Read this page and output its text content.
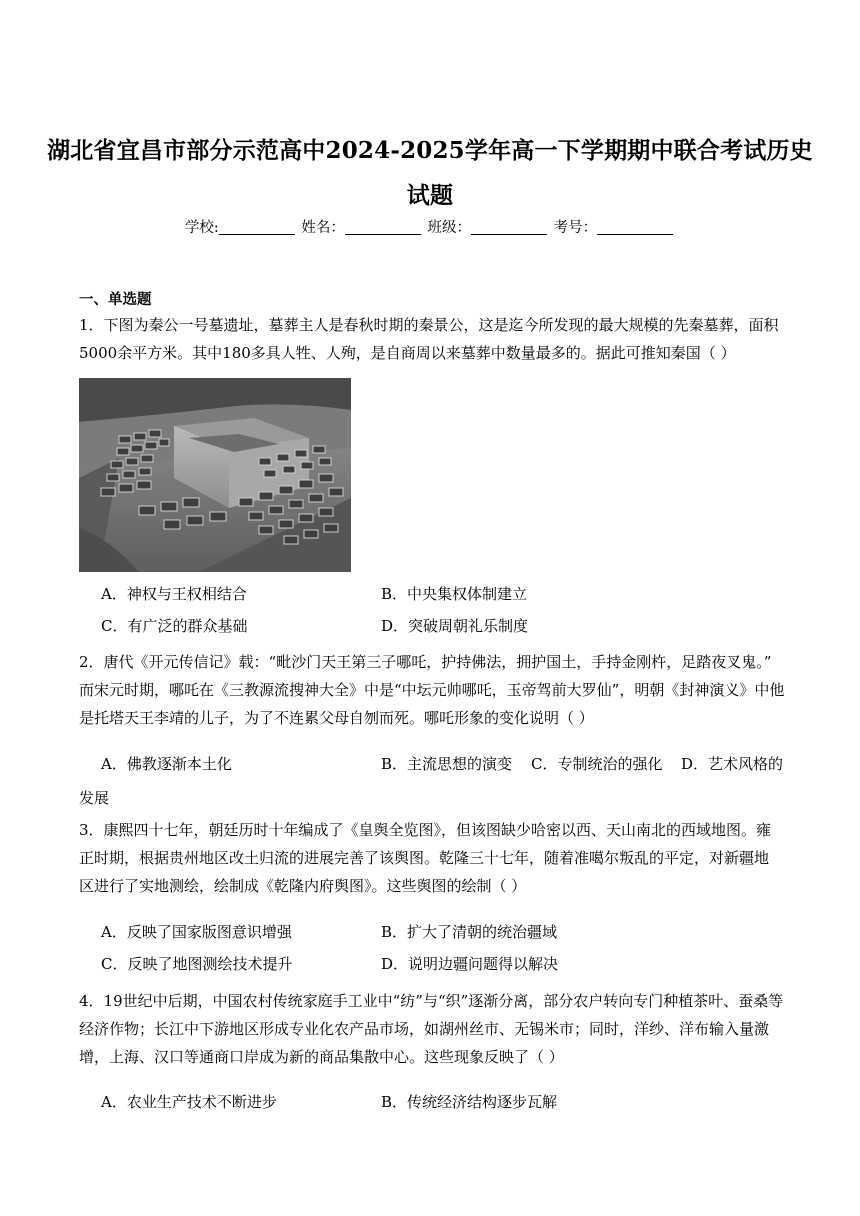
湖北省宜昌市部分示范高中2024-2025学年高一下学期期中联合考试历史
试题
学校:	姓名：	班级：	考号：
一、单选题

1．下图为秦公一号墓遗址，墓葬主人是春秋时期的秦景公，这是迄今所发现的最大规模的先秦墓葬，面积

5000余平方米。其中180多具人牲、人殉，是自商周以来墓葬中数量最多的。据此可推知秦国（ ）

A．神权与王权相结合	B．中央集权体制建立
C．有广泛的群众基础	D．突破周朝礼乐制度

2．唐代《开元传信记》载：“毗沙门天王第三子哪吒，护持佛法，拥护国土，手持金刚杵，足踏夜叉鬼。”

而宋元时期，哪吒在《三教源流搜神大全》中是“中坛元帅哪吒，玉帝驾前大罗仙”，明朝《封神演义》中他

是托塔天王李靖的儿子，为了不连累父母自刎而死。哪吒形象的变化说明（ ）

A．佛教逐渐本土化	B．主流思想的演变	C．专制统治的强化	D．艺术风格的
发展

3．康熙四十七年，朝廷历时十年编成了《皇舆全览图》，但该图缺少哈密以西、天山南北的西域地图。雍

正时期，根据贵州地区改土归流的进展完善了该舆图。乾隆三十七年，随着准噶尔叛乱的平定，对新疆地

区进行了实地测绘，绘制成《乾隆内府舆图》。这些舆图的绘制（ ）

A．反映了国家版图意识增强	B．扩大了清朝的统治疆域
C．反映了地图测绘技术提升	D．说明边疆问题得以解决

4．19世纪中后期，中国农村传统家庭手工业中“纺”与“织”逐渐分离，部分农户转向专门种植茶叶、蚕桑等

经济作物；长江中下游地区形成专业化农产品市场，如湖州丝市、无锡米市；同时，洋纱、洋布输入量激

增，上海、汉口等通商口岸成为新的商品集散中心。这些现象反映了（ ）

A．农业生产技术不断进步	B．传统经济结构逐步瓦解
